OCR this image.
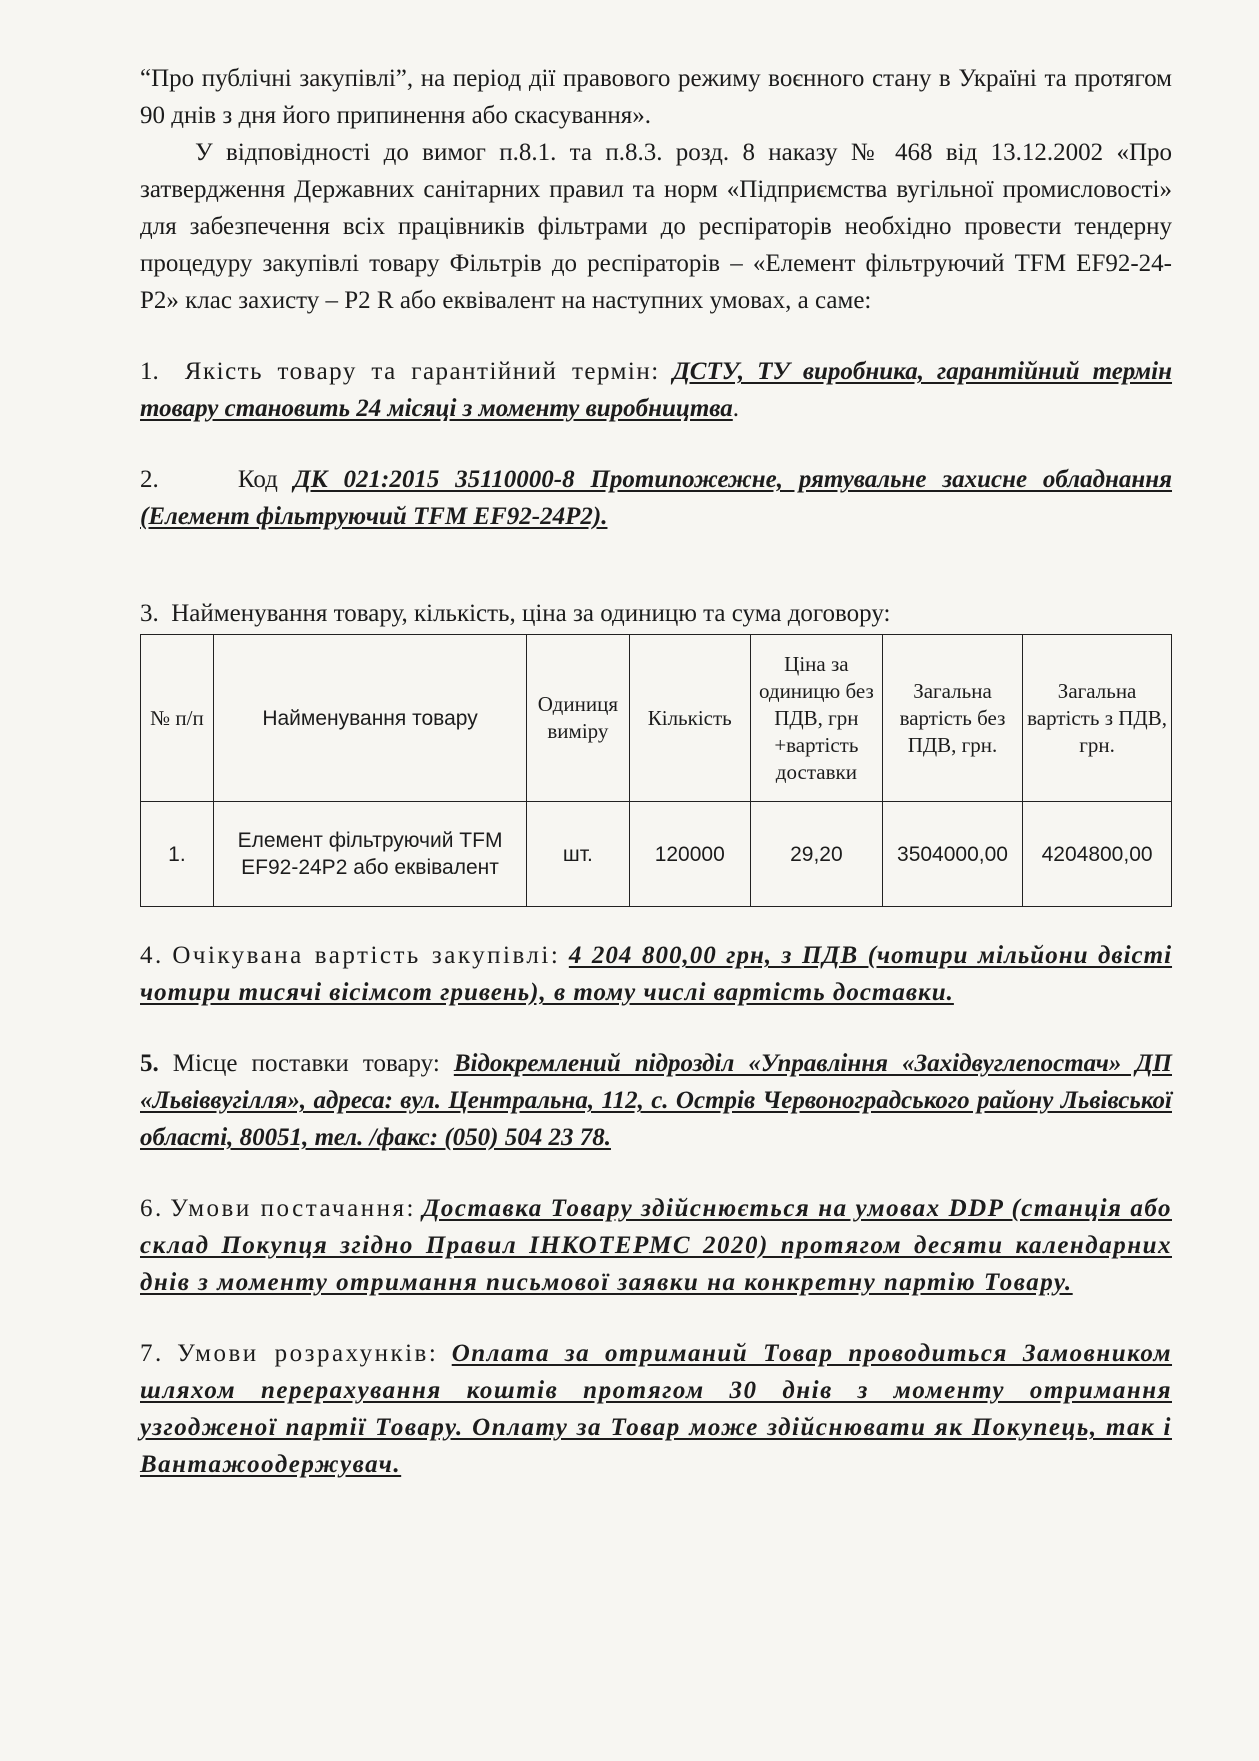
“Про публічні закупівлі”, на період дії правового режиму воєнного стану в Україні та протягом 90 днів з дня його припинення або скасування».

У відповідності до вимог п.8.1. та п.8.3. розд. 8 наказу № 468 від 13.12.2002 «Про затвердження Державних санітарних правил та норм «Підприємства вугільної промисловості» для забезпечення всіх працівників фільтрами до респіраторів необхідно провести тендерну процедуру закупівлі товару Фільтрів до респіраторів – «Елемент фільтруючий TFM EF92-24-P2» клас захисту – P2 R або еквівалент на наступних умовах, а саме:

1. Якість товару та гарантійний термін: ДСТУ, ТУ виробника, гарантійний термін товару становить 24 місяці з моменту виробництва.

2.	Код ДК 021:2015 35110000-8 Протипожежне, рятувальне захисне обладнання (Елемент фільтруючий TFM EF92-24P2).

3. Найменування товару, кількість, ціна за одиницю та сума договору:

№ п/п	Найменування товару	Одиниця виміру	Кількість	Ціна за одиницю без ПДВ, грн +вартість доставки	Загальна вартість без ПДВ, грн.	Загальна вартість з ПДВ, грн.
1.	Елемент фільтруючий TFM EF92-24P2 або еквівалент	шт.	120000	29,20	3504000,00	4204800,00

4. Очікувана вартість закупівлі: 4 204 800,00 грн, з ПДВ (чотири мільйони двісті чотири тисячі вісімсот гривень), в тому числі вартість доставки.

5. Місце поставки товару: Відокремлений підрозділ «Управління «Західвуглепостач» ДП «Львіввугілля», адреса: вул. Центральна, 112, с. Острів Червоноградського району Львівської області, 80051, тел. /факс: (050) 504 23 78.

6. Умови постачання: Доставка Товару здійснюється на умовах DDP (станція або склад Покупця згідно Правил ІНКОТЕРМС 2020) протягом десяти календарних днів з моменту отримання письмової заявки на конкретну партію Товару.

7. Умови розрахунків: Оплата за отриманий Товар проводиться Замовником шляхом перерахування коштів протягом 30 днів з моменту отримання узгодженої партії Товару. Оплату за Товар може здійснювати як Покупець, так і Вантажоодержувач.
